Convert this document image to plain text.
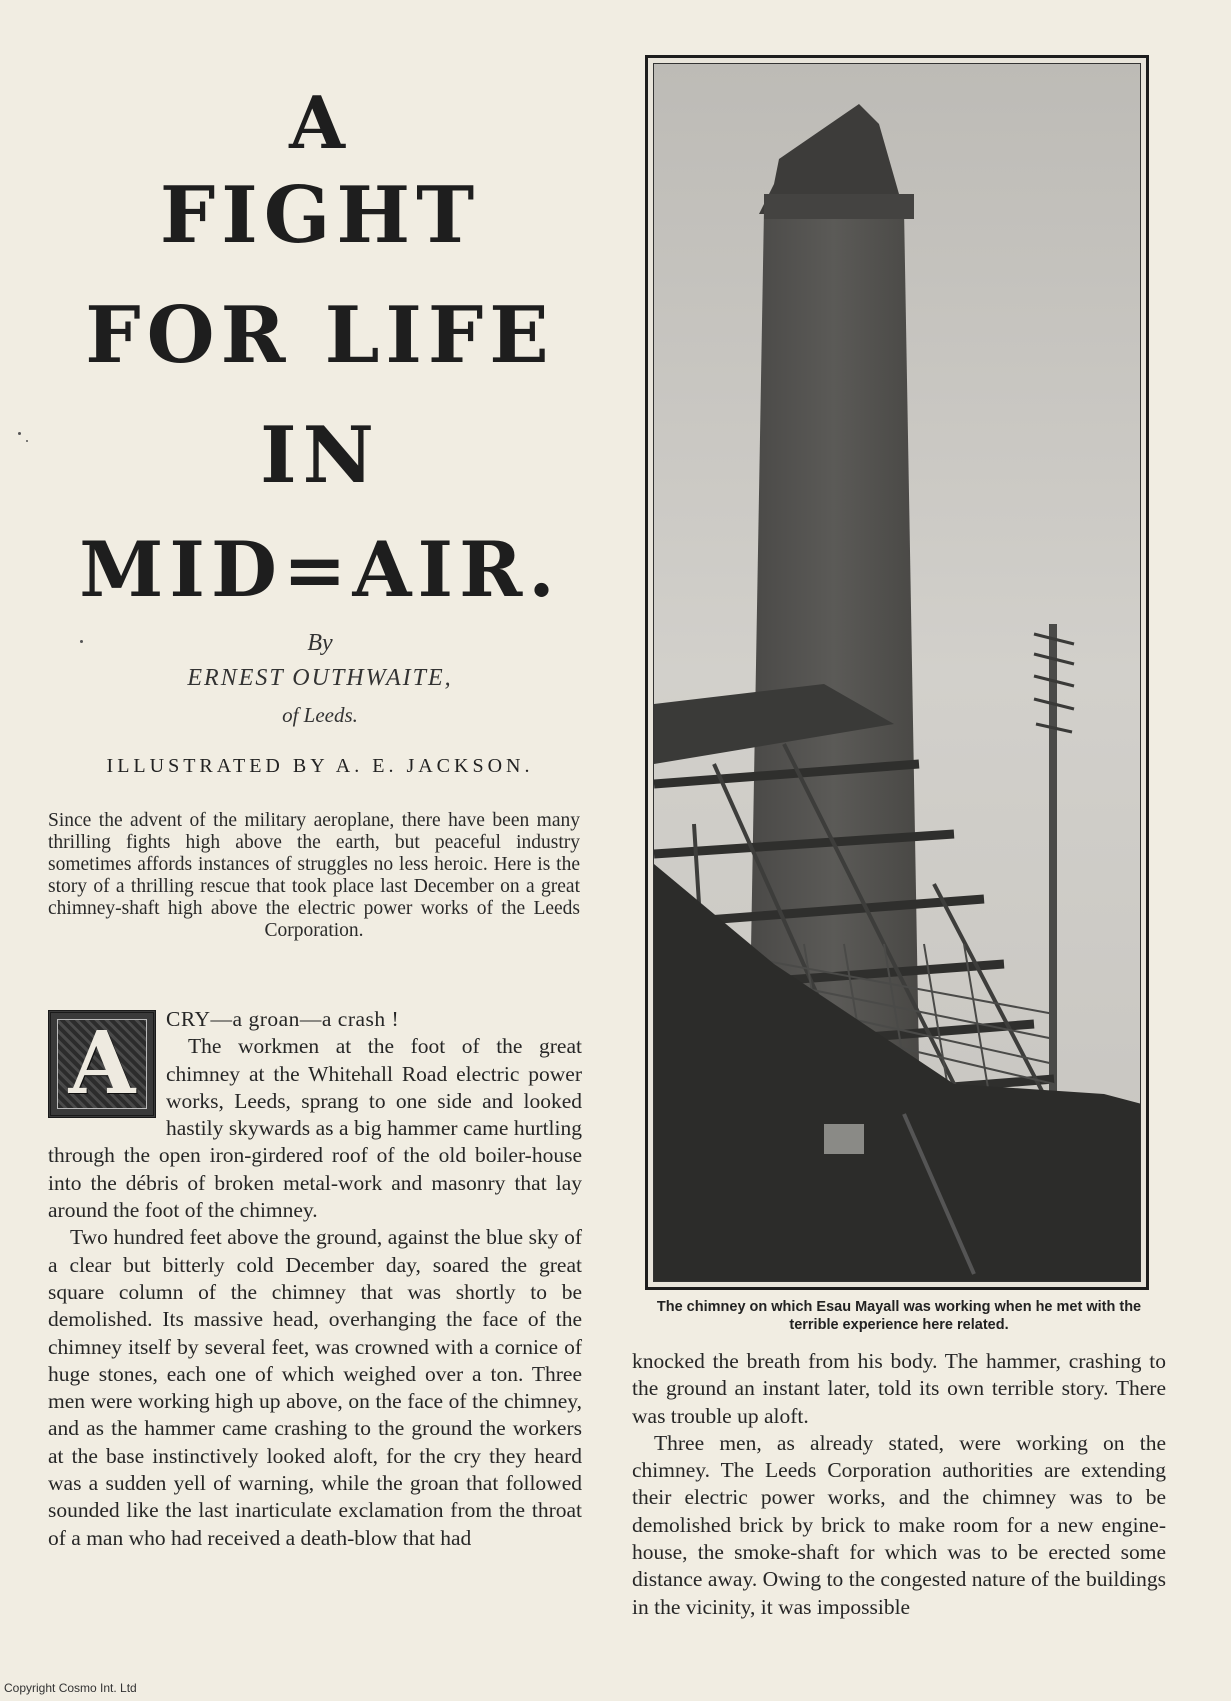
A
FIGHT
FOR LIFE
IN
MID=AIR.
By
ERNEST OUTHWAITE,
of Leeds.
ILLUSTRATED BY A. E. JACKSON.
Since the advent of the military aeroplane, there have been many thrilling fights high above the earth, but peaceful industry sometimes affords instances of struggles no less heroic. Here is the story of a thrilling rescue that took place last December on a great chimney-shaft high above the electric power works of the Leeds Corporation.

A	CRY—a groan—a crash !
The workmen at the foot of the great chimney at the Whitehall Road electric power works, Leeds, sprang to one side and looked hastily skywards as a big hammer came hurtling through the open iron-girdered roof of the old boiler-house into the débris of broken metal-work and masonry that lay around the foot of the chimney.

Two hundred feet above the ground, against the blue sky of a clear but bitterly cold December day, soared the great square column of the chimney that was shortly to be demolished. Its massive head, overhanging the face of the chimney itself by several feet, was crowned with a cornice of huge stones, each one of which weighed over a ton. Three men were working high up above, on the face of the chimney, and as the hammer came crashing to the ground the workers at the base instinctively looked aloft, for the cry they heard was a sudden yell of warning, while the groan that followed sounded like the last inarticulate exclamation from the throat of a man who had received a death-blow that had

The chimney on which Esau Mayall was working when he met with the terrible experience here related.

knocked the breath from his body. The hammer, crashing to the ground an instant later, told its own terrible story. There was trouble up aloft.

Three men, as already stated, were working on the chimney. The Leeds Corporation authorities are extending their electric power works, and the chimney was to be demolished brick by brick to make room for a new engine-house, the smoke-shaft for which was to be erected some distance away. Owing to the congested nature of the buildings in the vicinity, it was impossible

Copyright Cosmo Int. Ltd
